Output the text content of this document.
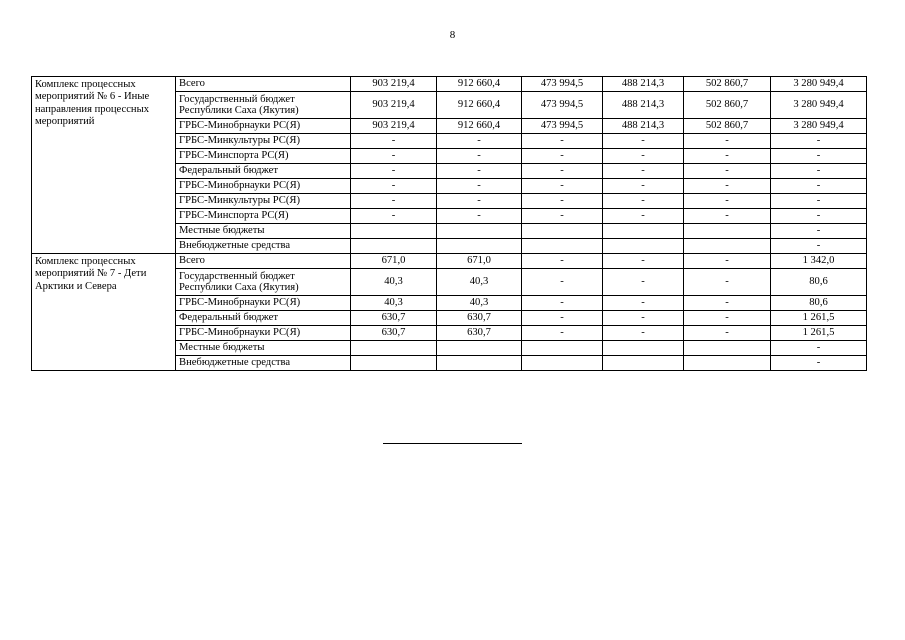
8
Комплекс процессных мероприятий № 6 - Иные направления процессных мероприятий	Всего	903 219,4	912 660,4	473 994,5	488 214,3	502 860,7	3 280 949,4
	Государственный бюджет Республики Саха (Якутия)	903 219,4	912 660,4	473 994,5	488 214,3	502 860,7	3 280 949,4
	ГРБС-Минобрнауки РС(Я)	903 219,4	912 660,4	473 994,5	488 214,3	502 860,7	3 280 949,4
	ГРБС-Минкультуры РС(Я)	-	-	-	-	-	-
	ГРБС-Минспорта РС(Я)	-	-	-	-	-	-
	Федеральный бюджет	-	-	-	-	-	-
	ГРБС-Минобрнауки РС(Я)	-	-	-	-	-	-
	ГРБС-Минкультуры РС(Я)	-	-	-	-	-	-
	ГРБС-Минспорта РС(Я)	-	-	-	-	-	-
	Местные бюджеты						-
	Внебюджетные средства						-
Комплекс процессных мероприятий № 7 - Дети Арктики и Севера	Всего	671,0	671,0	-	-	-	1 342,0
	Государственный бюджет Республики Саха (Якутия)	40,3	40,3	-	-	-	80,6
	ГРБС-Минобрнауки РС(Я)	40,3	40,3	-	-	-	80,6
	Федеральный бюджет	630,7	630,7	-	-	-	1 261,5
	ГРБС-Минобрнауки РС(Я)	630,7	630,7	-	-	-	1 261,5
	Местные бюджеты						-
	Внебюджетные средства						-
